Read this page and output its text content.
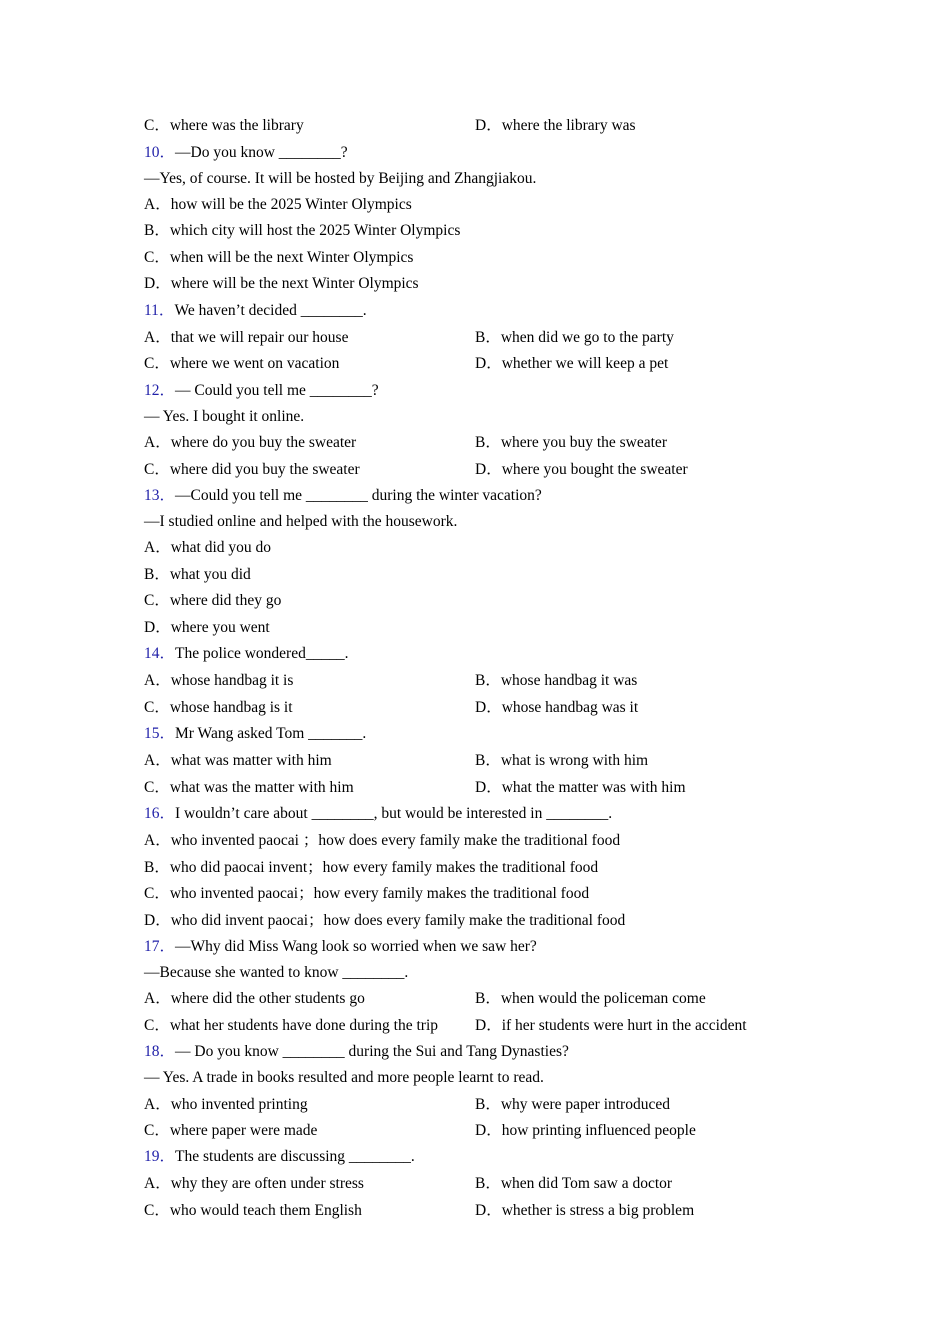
C．where was the library	D．where the library was
10．—Do you know ________?
—Yes, of course. It will be hosted by Beijing and Zhangjiakou.
A．how will be the 2025 Winter Olympics
B．which city will host the 2025 Winter Olympics
C．when will be the next Winter Olympics
D．where will be the next Winter Olympics
11．We haven’t decided ________.
A．that we will repair our house	B．when did we go to the party
C．where we went on vacation	D．whether we will keep a pet
12．— Could you tell me ________?
— Yes. I bought it online.
A．where do you buy the sweater	B．where you buy the sweater
C．where did you buy the sweater	D．where you bought the sweater
13．—Could you tell me ________ during the winter vacation?
—I studied online and helped with the housework.
A．what did you do
B．what you did
C．where did they go
D．where you went
14．The police wondered_____.
A．whose handbag it is	B．whose handbag it was
C．whose handbag is it	D．whose handbag was it
15．Mr Wang asked Tom _______.
A．what was matter with him	B．what is wrong with him
C．what was the matter with him	D．what the matter was with him
16．I wouldn’t care about ________, but would be interested in ________.
A．who invented paocai ；how does every family make the traditional food
B．who did paocai invent；how every family makes the traditional food
C．who invented paocai；how every family makes the traditional food
D．who did invent paocai；how does every family make the traditional food
17．—Why did Miss Wang look so worried when we saw her?
—Because she wanted to know ________.
A．where did the other students go	B．when would the policeman come
C．what her students have done during the trip D．if her students were hurt in the accident
18．— Do you know ________ during the Sui and Tang Dynasties?
— Yes. A trade in books resulted and more people learnt to read.
A．who invented printing	B．why were paper introduced
C．where paper were made	D．how printing influenced people
19．The students are discussing ________.
A．why they are often under stress	B．when did Tom saw a doctor
C．who would teach them English	D．whether is stress a big problem
